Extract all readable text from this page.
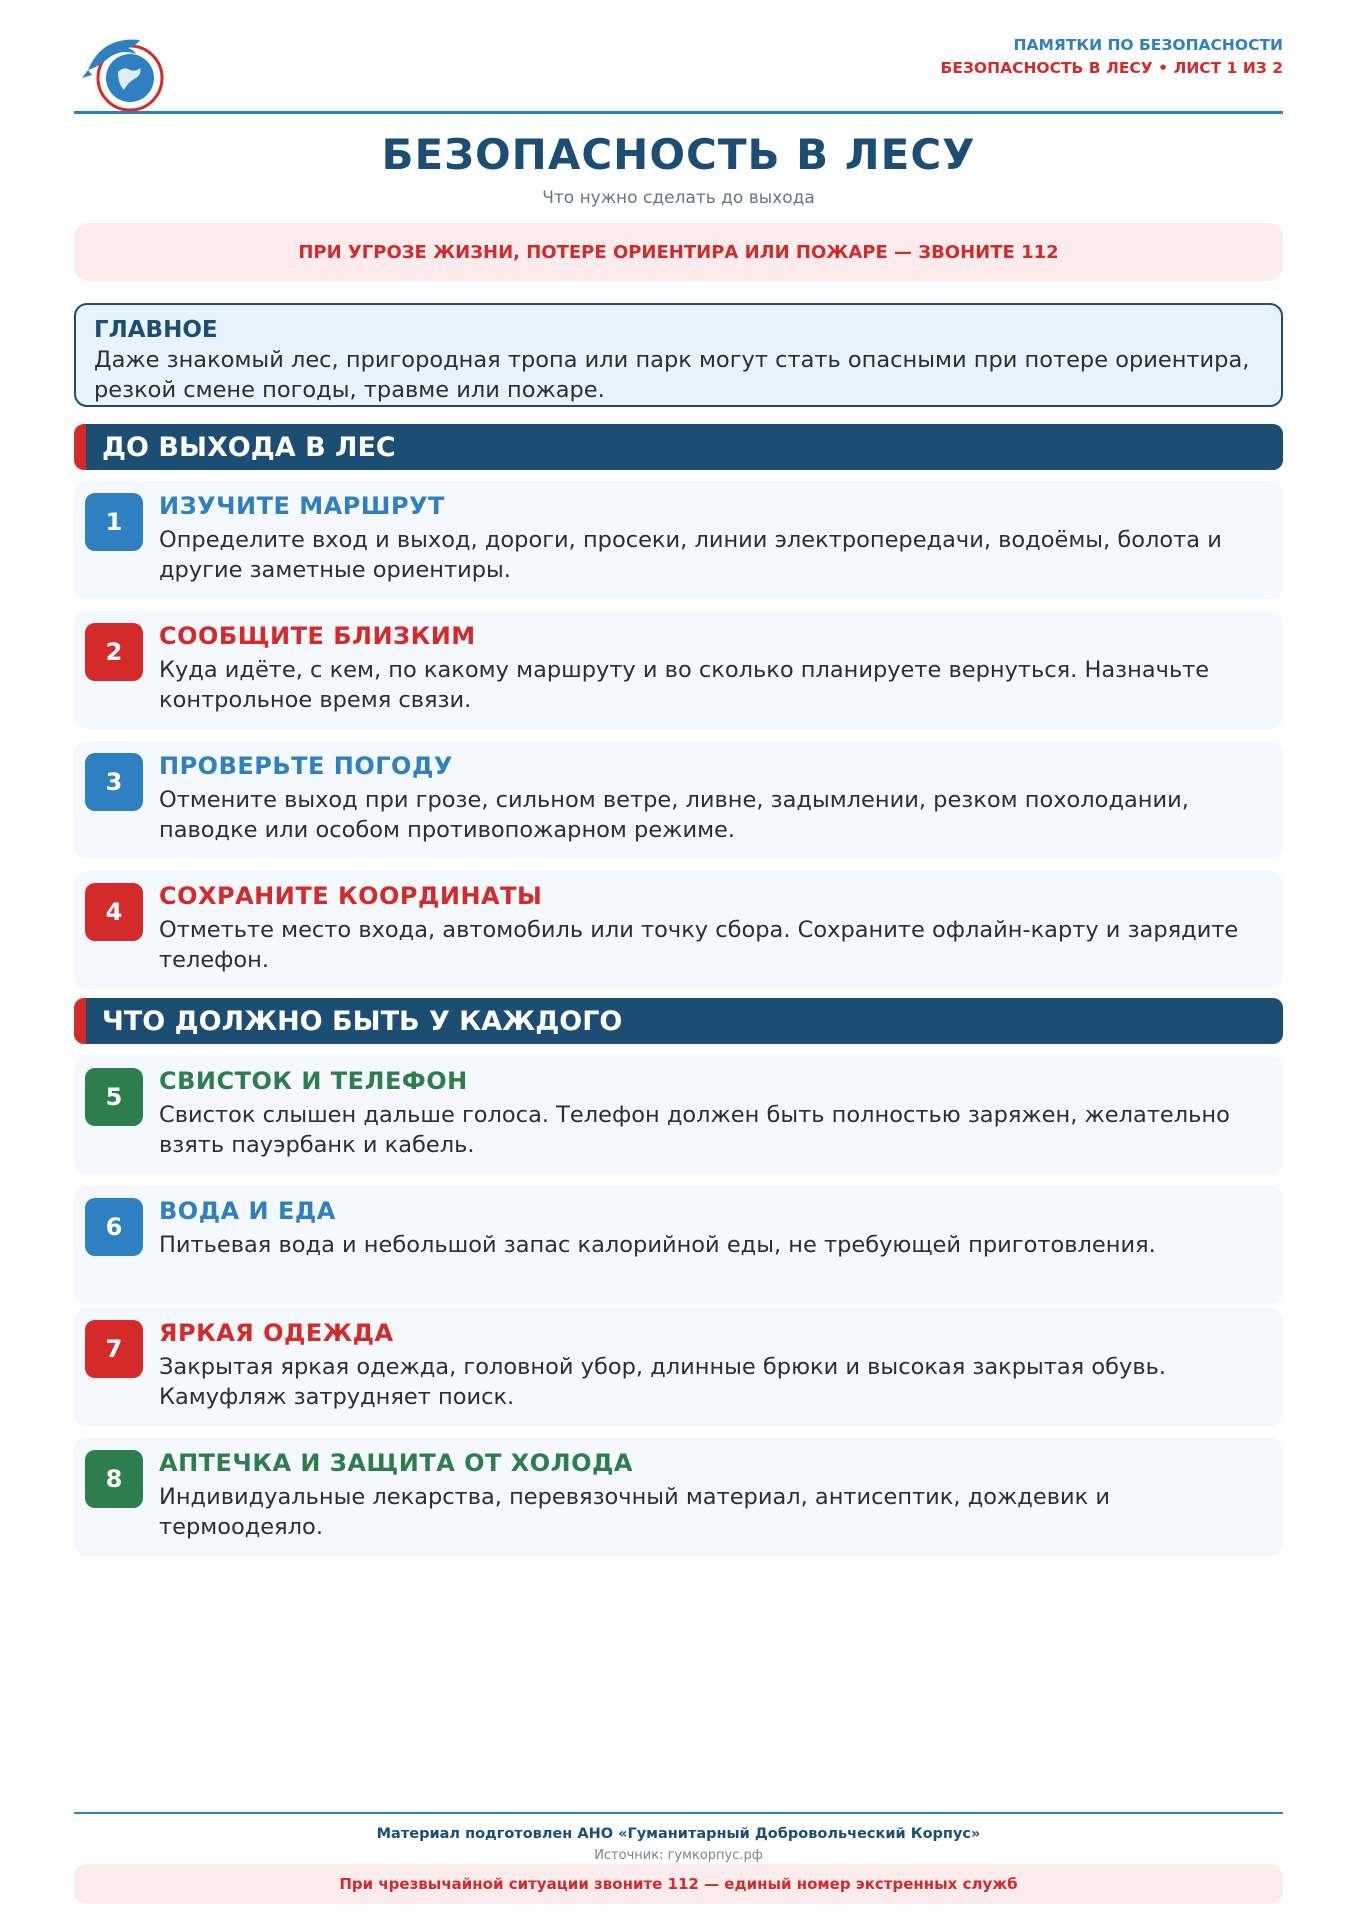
ПАМЯТКИ ПО БЕЗОПАСНОСТИ
БЕЗОПАСНОСТЬ В ЛЕСУ • ЛИСТ 1 ИЗ 2
БЕЗОПАСНОСТЬ В ЛЕСУ
Что нужно сделать до выхода
ПРИ УГРОЗЕ ЖИЗНИ, ПОТЕРЕ ОРИЕНТИРА ИЛИ ПОЖАРЕ — ЗВОНИТЕ 112
ГЛАВНОЕ
Даже знакомый лес, пригородная тропа или парк могут стать опасными при потере ориентира, резкой смене погоды, травме или пожаре.
ДО ВЫХОДА В ЛЕС
1
ИЗУЧИТЕ МАРШРУТ
Определите вход и выход, дороги, просеки, линии электропередачи, водоёмы, болота и другие заметные ориентиры.
2
СООБЩИТЕ БЛИЗКИМ
Куда идёте, с кем, по какому маршруту и во сколько планируете вернуться. Назначьте контрольное время связи.
3
ПРОВЕРЬТЕ ПОГОДУ
Отмените выход при грозе, сильном ветре, ливне, задымлении, резком похолодании, паводке или особом противопожарном режиме.
4
СОХРАНИТЕ КООРДИНАТЫ
Отметьте место входа, автомобиль или точку сбора. Сохраните офлайн-карту и зарядите телефон.
ЧТО ДОЛЖНО БЫТЬ У КАЖДОГО
5
СВИСТОК И ТЕЛЕФОН
Свисток слышен дальше голоса. Телефон должен быть полностью заряжен, желательно взять пауэрбанк и кабель.
6
ВОДА И ЕДА
Питьевая вода и небольшой запас калорийной еды, не требующей приготовления.
7
ЯРКАЯ ОДЕЖДА
Закрытая яркая одежда, головной убор, длинные брюки и высокая закрытая обувь. Камуфляж затрудняет поиск.
8
АПТЕЧКА И ЗАЩИТА ОТ ХОЛОДА
Индивидуальные лекарства, перевязочный материал, антисептик, дождевик и термоодеяло.
Материал подготовлен АНО «Гуманитарный Добровольческий Корпус»
Источник: гумкорпус.рф
При чрезвычайной ситуации звоните 112 — единый номер экстренных служб
